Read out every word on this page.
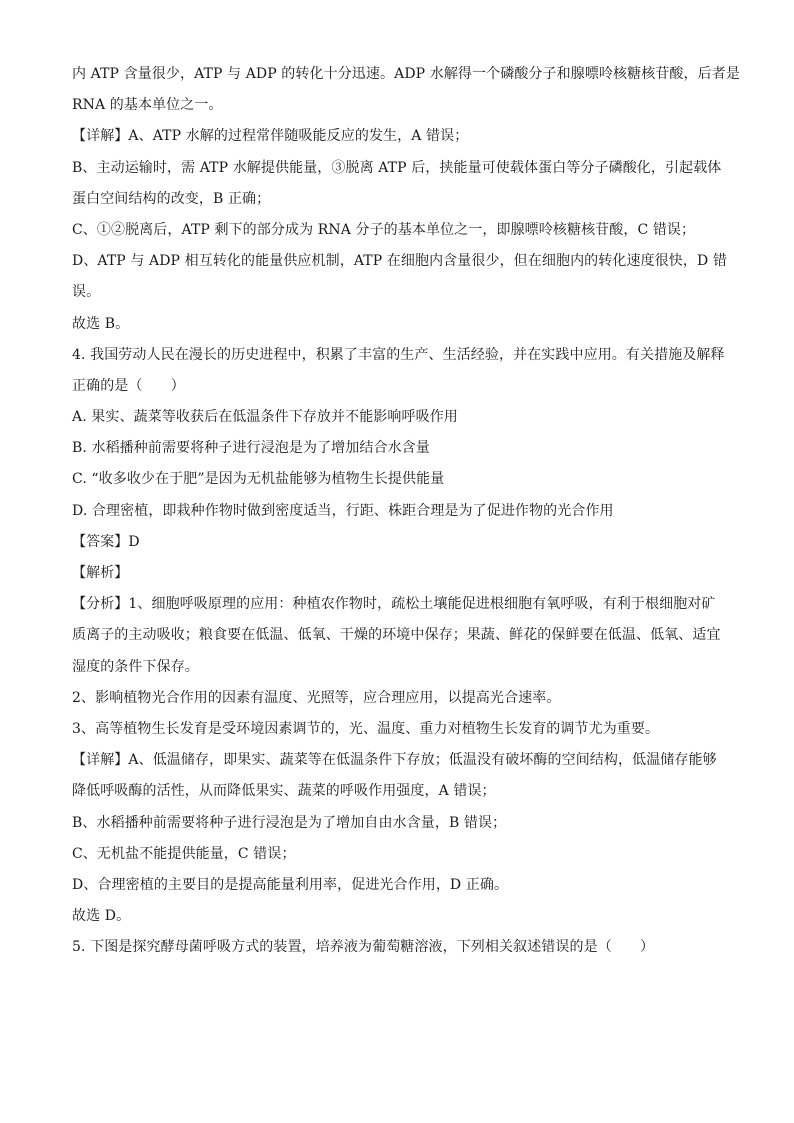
内 ATP 含量很少，ATP 与 ADP 的转化十分迅速。ADP 水解得一个磷酸分子和腺嘌呤核糖核苷酸，后者是
RNA 的基本单位之一。
【详解】A、ATP 水解的过程常伴随吸能反应的发生，A 错误；
B、主动运输时，需 ATP 水解提供能量，③脱离 ATP 后，挟能量可使载体蛋白等分子磷酸化，引起载体
蛋白空间结构的改变，B 正确；
C、①②脱离后，ATP 剩下的部分成为 RNA 分子的基本单位之一，即腺嘌呤核糖核苷酸，C 错误；
D、ATP 与 ADP 相互转化的能量供应机制，ATP 在细胞内含量很少，但在细胞内的转化速度很快，D 错
误。
故选 B。
4. 我国劳动人民在漫长的历史进程中，积累了丰富的生产、生活经验，并在实践中应用。有关措施及解释
正确的是（　　）
A. 果实、蔬菜等收获后在低温条件下存放并不能影响呼吸作用
B. 水稻播种前需要将种子进行浸泡是为了增加结合水含量
C. “收多收少在于肥”是因为无机盐能够为植物生长提供能量
D. 合理密植，即栽种作物时做到密度适当，行距、株距合理是为了促进作物的光合作用
【答案】D
【解析】
【分析】1、细胞呼吸原理的应用：种植农作物时，疏松土壤能促进根细胞有氧呼吸，有利于根细胞对矿
质离子的主动吸收；粮食要在低温、低氧、干燥的环境中保存；果蔬、鲜花的保鲜要在低温、低氧、适宜
湿度的条件下保存。
2、影响植物光合作用的因素有温度、光照等，应合理应用，以提高光合速率。
3、高等植物生长发育是受环境因素调节的，光、温度、重力对植物生长发育的调节尤为重要。
【详解】A、低温储存，即果实、蔬菜等在低温条件下存放；低温没有破坏酶的空间结构，低温储存能够
降低呼吸酶的活性，从而降低果实、蔬菜的呼吸作用强度，A 错误；
B、水稻播种前需要将种子进行浸泡是为了增加自由水含量，B 错误；
C、无机盐不能提供能量，C 错误；
D、合理密植的主要目的是提高能量利用率，促进光合作用，D 正确。
故选 D。
5. 下图是探究酵母菌呼吸方式的装置，培养液为葡萄糖溶液，下列相关叙述错误的是（　　）
